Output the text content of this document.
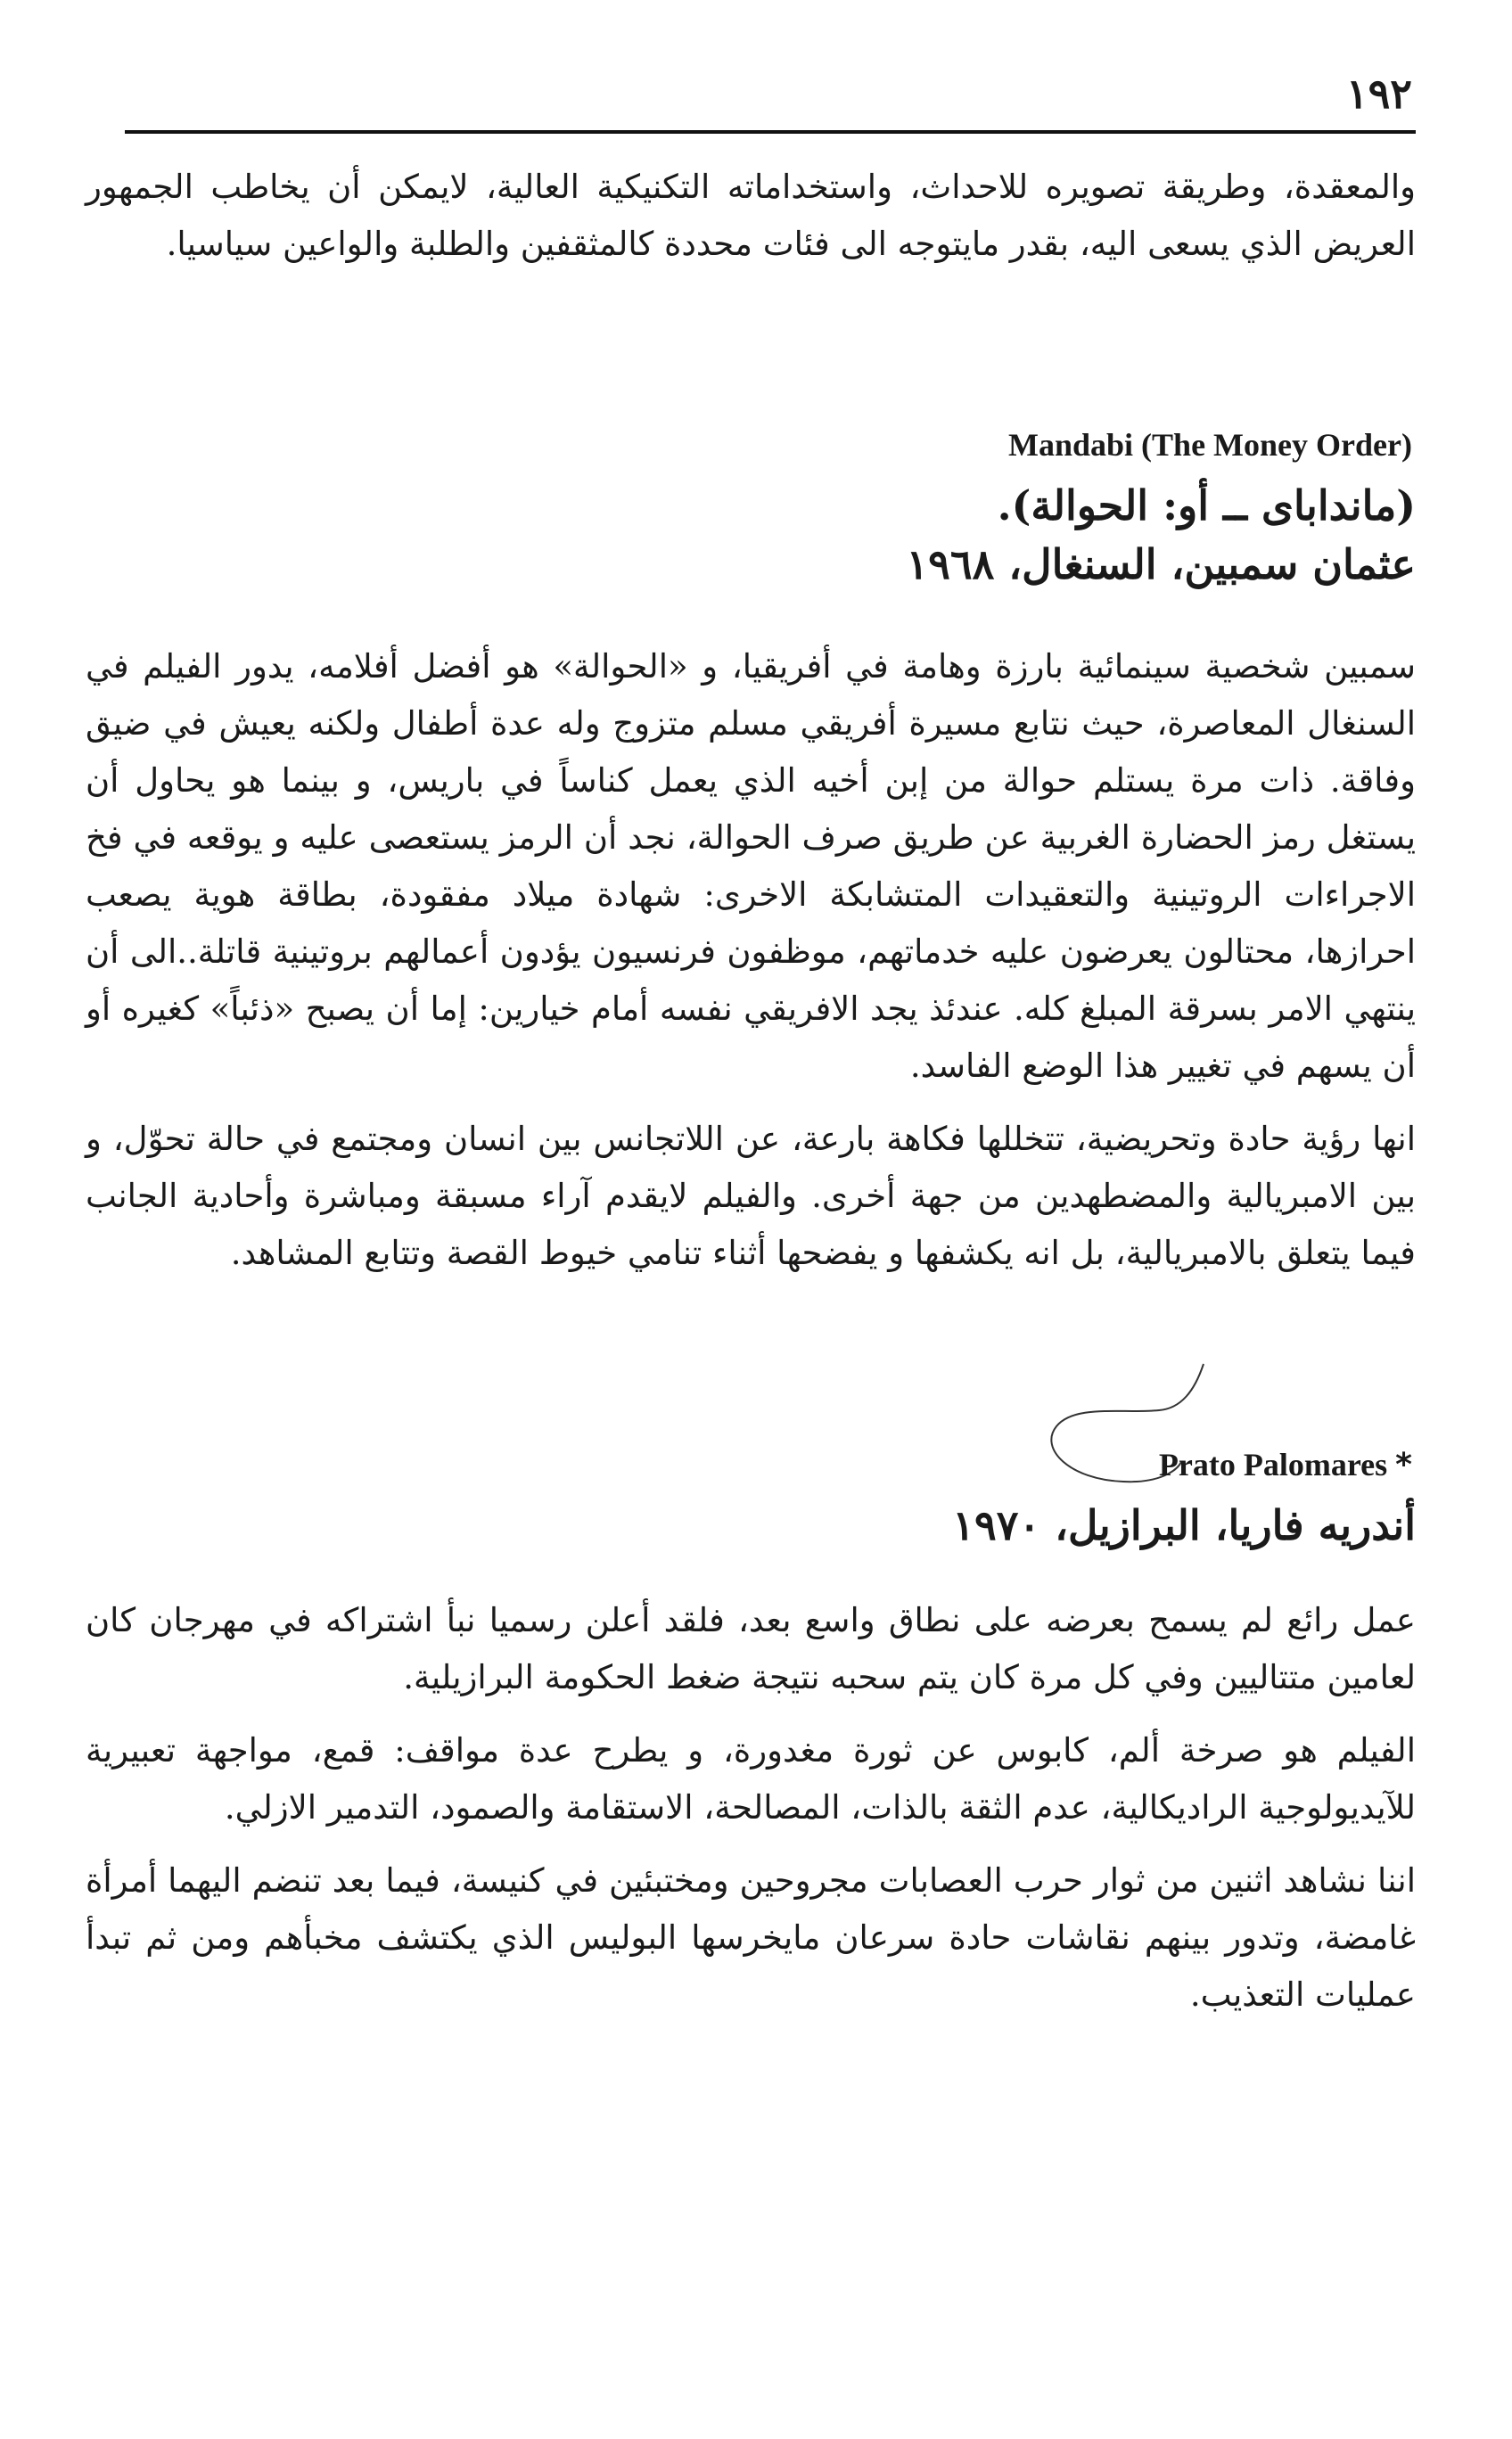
١٩٢

والمعقدة، وطريقة تصويره للاحداث، واستخداماته التكنيكية العالية، لايمكن أن يخاطب الجمهور العريض الذي يسعى اليه، بقدر مايتوجه الى فئات محددة كالمثقفين والطلبة والواعين سياسيا.

Mandabi (The Money Order)
(ماندابای ــ أو: الحوالة).
عثمان سمبين، السنغال، ١٩٦٨

سمبين شخصية سينمائية بارزة وهامة في أفريقيا، و «الحوالة» هو أفضل أفلامه، يدور الفيلم في السنغال المعاصرة، حيث نتابع مسيرة أفريقي مسلم متزوج وله عدة أطفال ولكنه يعيش في ضيق وفاقة. ذات مرة يستلم حوالة من إبن أخيه الذي يعمل كناساً في باريس، و بينما هو يحاول أن يستغل رمز الحضارة الغربية عن طريق صرف الحوالة، نجد أن الرمز يستعصى عليه و يوقعه في فخ الاجراءات الروتينية والتعقيدات المتشابكة الاخرى: شهادة ميلاد مفقودة، بطاقة هوية يصعب احرازها، محتالون يعرضون عليه خدماتهم، موظفون فرنسيون يؤدون أعمالهم بروتينية قاتلة..الى أن ينتهي الامر بسرقة المبلغ كله. عندئذ يجد الافريقي نفسه أمام خيارين: إما أن يصبح «ذئباً» كغيره أو أن يسهم في تغيير هذا الوضع الفاسد.

انها رؤية حادة وتحريضية، تتخللها فكاهة بارعة، عن اللاتجانس بين انسان ومجتمع في حالة تحوّل، و بين الامبريالية والمضطهدين من جهة أخرى. والفيلم لايقدم آراء مسبقة ومباشرة وأحادية الجانب فيما يتعلق بالامبريالية، بل انه يكشفها و يفضحها أثناء تنامي خيوط القصة وتتابع المشاهد.

Prato Palomares *
أندريه فاريا، البرازيل، ١٩٧٠

عمل رائع لم يسمح بعرضه على نطاق واسع بعد، فلقد أعلن رسميا نبأ اشتراكه في مهرجان كان لعامين متتاليين وفي كل مرة كان يتم سحبه نتيجة ضغط الحكومة البرازيلية.

الفيلم هو صرخة ألم، كابوس عن ثورة مغدورة، و يطرح عدة مواقف: قمع، مواجهة تعبيرية للآيديولوجية الراديكالية، عدم الثقة بالذات، المصالحة، الاستقامة والصمود، التدمير الازلي.

اننا نشاهد اثنين من ثوار حرب العصابات مجروحين ومختبئين في كنيسة، فيما بعد تنضم اليهما أمرأة غامضة، وتدور بينهم نقاشات حادة سرعان مايخرسها البوليس الذي يكتشف مخبأهم ومن ثم تبدأ عمليات التعذيب.
